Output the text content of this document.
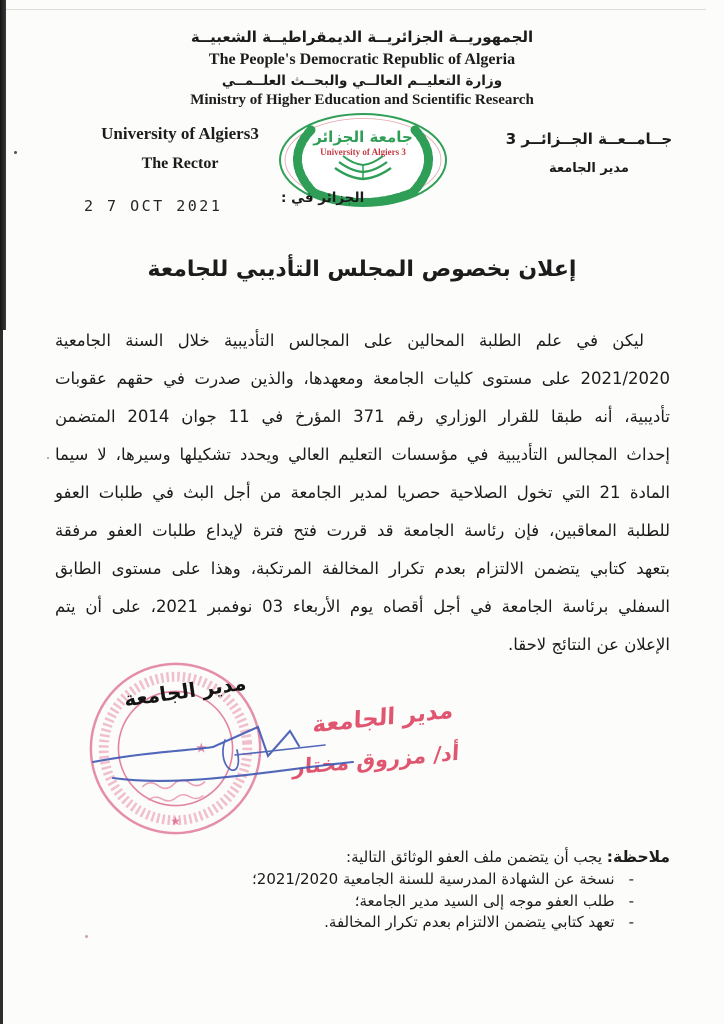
الجمهوريــة الجزائريــة الديمقراطيــة الشعبيــة
The People's Democratic Republic of Algeria
وزارة التعليــم العالــي والبحــث العلــمــي
Ministry of Higher Education and Scientific Research
University of Algiers3
The Rector
جامعة الجزائر
University of Algiers 3
جــامــعــة الجــزائــر 3
مدير الجامعة
2 7 OCT 2021	الجزائر في :
إعلان بخصوص المجلس التأديبي للجامعة
ليكن في علم الطلبة المحالين على المجالس التأديبية خلال السنة الجامعية
2021/2020 على مستوى كليات الجامعة ومعهدها، والذين صدرت في حقهم عقوبات
تأديبية، أنه طبقا للقرار الوزاري رقم 371 المؤرخ في 11 جوان 2014 المتضمن
إحداث المجالس التأديبية في مؤسسات التعليم العالي ويحدد تشكيلها وسيرها، لا سيما
المادة 21 التي تخول الصلاحية حصريا لمدير الجامعة من أجل البث في طلبات العفو
للطلبة المعاقبين، فإن رئاسة الجامعة قد قررت فتح فترة لإيداع طلبات العفو مرفقة
بتعهد كتابي يتضمن الالتزام بعدم تكرار المخالفة المرتكبة، وهذا على مستوى الطابق
السفلي برئاسة الجامعة في أجل أقصاه يوم الأربعاء 03 نوفمبر 2021، على أن يتم
الإعلان عن النتائج لاحقا.
★
★
مدير الجامعة
مدير الجامعة
أد/ مزروق مختار
ملاحظة: يجب أن يتضمن ملف العفو الوثائق التالية:
-نسخة عن الشهادة المدرسية للسنة الجامعية 2021/2020؛
-طلب العفو موجه إلى السيد مدير الجامعة؛
-تعهد كتابي يتضمن الالتزام بعدم تكرار المخالفة.
